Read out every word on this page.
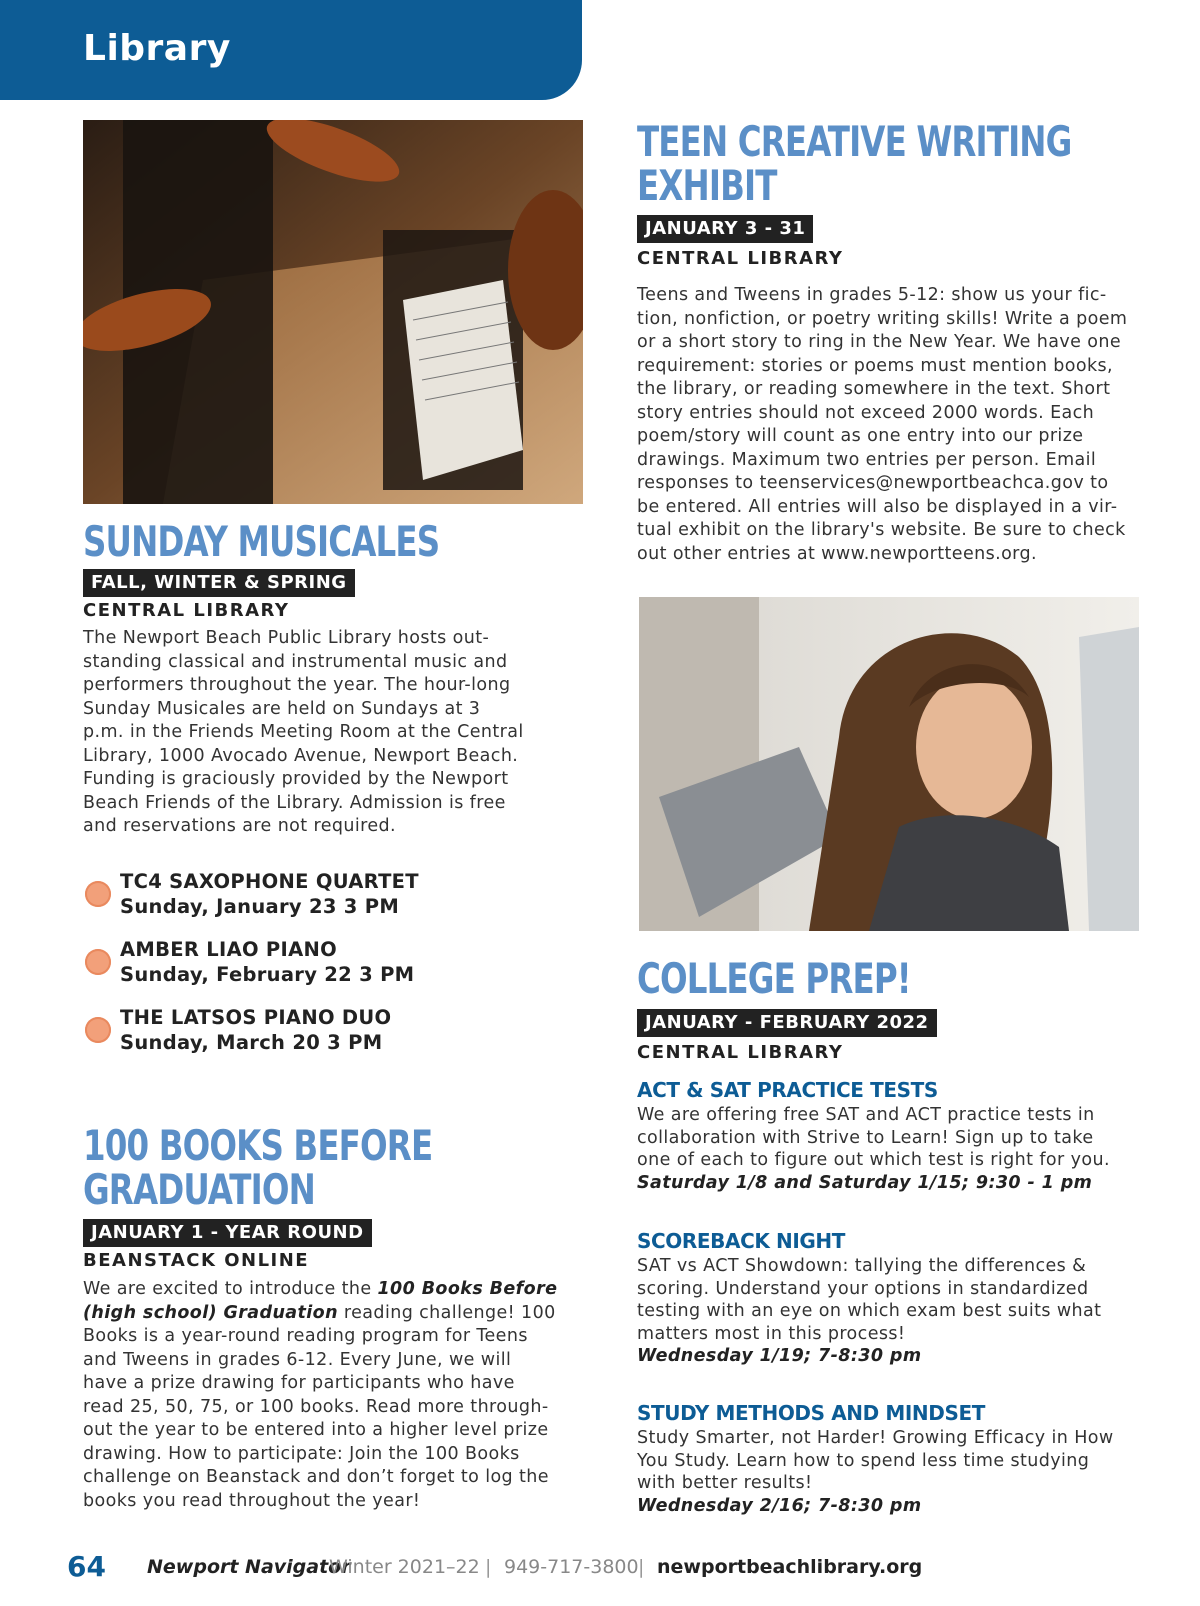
Library
SUNDAY MUSICALES
FALL, WINTER & SPRING
CENTRAL LIBRARY
The Newport Beach Public Library hosts out-
standing classical and instrumental music and
performers throughout the year. The hour-long
Sunday Musicales are held on Sundays at 3
p.m. in the Friends Meeting Room at the Central
Library, 1000 Avocado Avenue, Newport Beach.
Funding is graciously provided by the Newport
Beach Friends of the Library. Admission is free
and reservations are not required.
TC4 SAXOPHONE QUARTET
Sunday, January 23 3 PM
AMBER LIAO PIANO
Sunday, February 22 3 PM
THE LATSOS PIANO DUO
Sunday, March 20 3 PM
100 BOOKS BEFORE
GRADUATION
JANUARY 1 - YEAR ROUND
BEANSTACK ONLINE
We are excited to introduce the 100 Books Before
(high school) Graduation reading challenge! 100
Books is a year-round reading program for Teens
and Tweens in grades 6-12. Every June, we will
have a prize drawing for participants who have
read 25, 50, 75, or 100 books. Read more through-
out the year to be entered into a higher level prize
drawing. How to participate: Join the 100 Books
challenge on Beanstack and don’t forget to log the
books you read throughout the year!
TEEN CREATIVE WRITING
EXHIBIT
JANUARY 3 - 31
CENTRAL LIBRARY
Teens and Tweens in grades 5-12: show us your fic-
tion, nonfiction, or poetry writing skills! Write a poem
or a short story to ring in the New Year. We have one
requirement: stories or poems must mention books,
the library, or reading somewhere in the text. Short
story entries should not exceed 2000 words. Each
poem/story will count as one entry into our prize
drawings. Maximum two entries per person. Email
responses to teenservices@newportbeachca.gov to
be entered. All entries will also be displayed in a vir-
tual exhibit on the library's website. Be sure to check
out other entries at www.newportteens.org.
COLLEGE PREP!
JANUARY - FEBRUARY 2022
CENTRAL LIBRARY
ACT & SAT PRACTICE TESTS
We are offering free SAT and ACT practice tests in
collaboration with Strive to Learn! Sign up to take
one of each to figure out which test is right for you.
Saturday 1/8 and Saturday 1/15; 9:30 - 1 pm
SCOREBACK NIGHT
SAT vs ACT Showdown: tallying the differences &
scoring. Understand your options in standardized
testing with an eye on which exam best suits what
matters most in this process!
Wednesday 1/19; 7-8:30 pm
STUDY METHODS AND MINDSET
Study Smarter, not Harder! Growing Efficacy in How
You Study. Learn how to spend less time studying
with better results!
Wednesday 2/16; 7-8:30 pm
64 Newport Navigator
Winter 2021–22 | 949-717-3800 | newportbeachlibrary.org
